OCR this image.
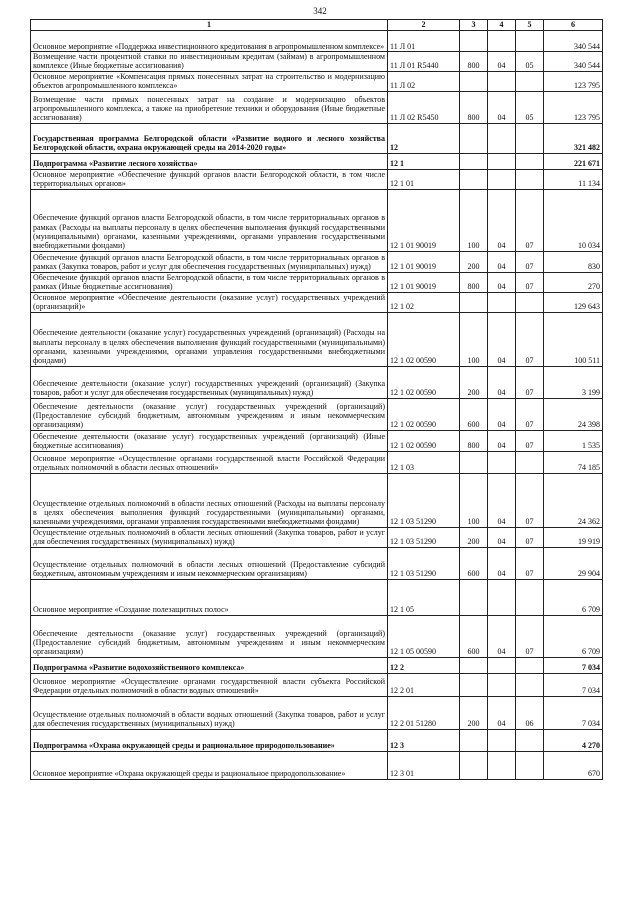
342
1	2	3	4	5	6
Основное мероприятие «Поддержка инвестиционного кредитования в агропромышленном комплексе»	11 Л 01				340 544
Возмещение части процентной ставки по инвестиционным кредитам (займам) в агропромышленном комплексе (Иные бюджетные ассигнования)	11 Л 01 R5440	800	04	05	340 544
Основное мероприятие «Компенсация прямых понесенных затрат на строительство и модернизацию объектов агропромышленного комплекса»	11 Л 02				123 795
Возмещение части прямых понесенных затрат на создание и модернизацию объектов агропромышленного комплекса, а также на приобретение техники и оборудования (Иные бюджетные ассигнования)	11 Л 02 R5450	800	04	05	123 795
Государственная программа Белгородской области «Развитие водного и лесного хозяйства Белгородской области, охрана окружающей среды на 2014-2020 годы»	12				321 482
Подпрограмма «Развитие лесного хозяйства»	12 1				221 671
Основное мероприятие «Обеспечение функций органов власти Белгородской области, в том числе территориальных органов»	12 1 01				11 134
Обеспечение функций органов власти Белгородской области, в том числе территориальных органов в рамках (Расходы на выплаты персоналу в целях обеспечения выполнения функций государственными (муниципальными) органами, казенными учреждениями, органами управления государственными внебюджетными фондами)	12 1 01 90019	100	04	07	10 034
Обеспечение функций органов власти Белгородской области, в том числе территориальных органов в рамках (Закупка товаров, работ и услуг для обеспечения государственных (муниципальных) нужд)	12 1 01 90019	200	04	07	830
Обеспечение функций органов власти Белгородской области, в том числе территориальных органов в рамках (Иные бюджетные ассигнования)	12 1 01 90019	800	04	07	270
Основное мероприятие «Обеспечение деятельности (оказание услуг) государственных учреждений (организаций)»	12 1 02				129 643
Обеспечение деятельности (оказание услуг) государственных учреждений (организаций) (Расходы на выплаты персоналу в целях обеспечения выполнения функций государственными (муниципальными) органами, казенными учреждениями, органами управления государственными внебюджетными фондами)	12 1 02 00590	100	04	07	100 511
Обеспечение деятельности (оказание услуг) государственных учреждений (организаций) (Закупка товаров, работ и услуг для обеспечения государственных (муниципальных) нужд)	12 1 02 00590	200	04	07	3 199
Обеспечение деятельности (оказание услуг) государственных учреждений (организаций) (Предоставление субсидий бюджетным, автономным учреждениям и иным некоммерческим организациям)	12 1 02 00590	600	04	07	24 398
Обеспечение деятельности (оказание услуг) государственных учреждений (организаций) (Иные бюджетные ассигнования)	12 1 02 00590	800	04	07	1 535
Основное мероприятие «Осуществление органами государственной власти Российской Федерации отдельных полномочий в области лесных отношений»	12 1 03				74 185
Осуществление отдельных полномочий в области лесных отношений (Расходы на выплаты персоналу в целях обеспечения выполнения функций государственными (муниципальными) органами, казенными учреждениями, органами управления государственными внебюджетными фондами)	12 1 03 51290	100	04	07	24 362
Осуществление отдельных полномочий в области лесных отношений (Закупка товаров, работ и услуг для обеспечения государственных (муниципальных) нужд)	12 1 03 51290	200	04	07	19 919
Осуществление отдельных полномочий в области лесных отношений (Предоставление субсидий бюджетным, автономным учреждениям и иным некоммерческим организациям)	12 1 03 51290	600	04	07	29 904
Основное мероприятие «Создание полезащитных полос»	12 1 05				6 709
Обеспечение деятельности (оказание услуг) государственных учреждений (организаций) (Предоставление субсидий бюджетным, автономным учреждениям и иным некоммерческим организациям)	12 1 05 00590	600	04	07	6 709
Подпрограмма «Развитие водохозяйственного комплекса»	12 2				7 034
Основное мероприятие «Осуществление органами государственной власти субъекта Российской Федерации отдельных полномочий в области водных отношений»	12 2 01				7 034
Осуществление отдельных полномочий в области водных отношений (Закупка товаров, работ и услуг для обеспечения государственных (муниципальных) нужд)	12 2 01 51280	200	04	06	7 034
Подпрограмма «Охрана окружающей среды и рациональное природопользование»	12 3				4 270
Основное мероприятие «Охрана окружающей среды и рациональное природопользование»	12 3 01				670
